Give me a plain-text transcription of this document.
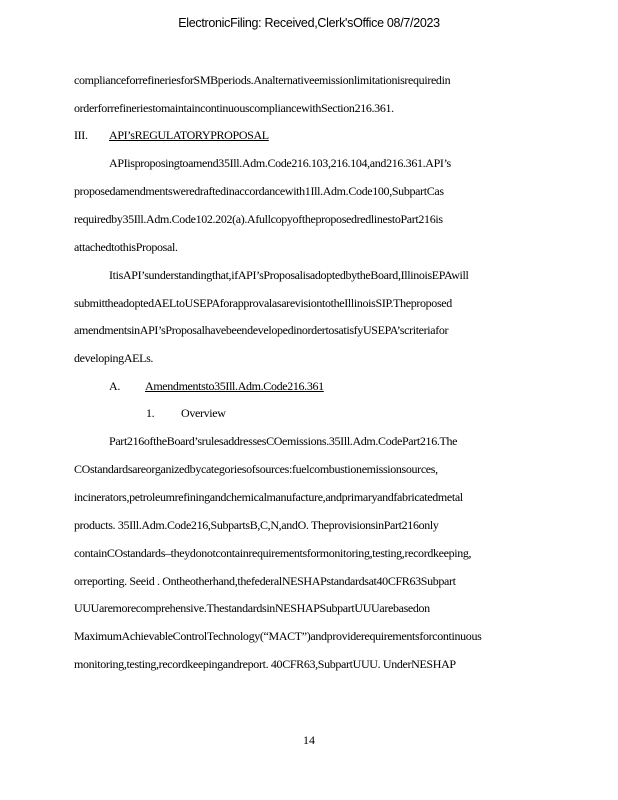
ElectronicFiling: Received,Clerk'sOffice 08/7/2023
complianceforrefineriesforSMBperiods.Analternativeemissionlimitationisrequiredin
orderforrefineriestomaintaincontinuouscompliancewithSection216.361.
III. API’sREGULATORYPROPOSAL
APIisproposingtoamend35Ill.Adm.Code216.103,216.104,and216.361.API’s
proposedamendmentsweredraftedinaccordancewith1Ill.Adm.Code100,SubpartCas
requiredby35Ill.Adm.Code102.202(a).AfullcopyoftheproposedredlinestoPart216is
attachedtothisProposal.
ItisAPI’sunderstandingthat,ifAPI’sProposalisadoptedbytheBoard,IllinoisEPAwill
submittheadoptedAELtoUSEPAforapprovalasarevisiontotheIllinoisSIP.Theproposed
amendmentsinAPI’sProposalhavebeendevelopedinordertosatisfyUSEPA’scriteriafor
developingAELs.
A. Amendmentsto35Ill.Adm.Code216.361
1. Overview
Part216oftheBoard’srulesaddressesCOemissions.35Ill.Adm.CodePart216.The
COstandardsareorganizedbycategoriesofsources:fuelcombustionemissionsources,
incinerators,petroleumrefiningandchemicalmanufacture,andprimaryandfabricatedmetal
products. 35Ill.Adm.Code216,SubpartsB,C,N,andO. TheprovisionsinPart216only
containCOstandards–theydonotcontainrequirementsformonitoring,testing,recordkeeping,
orreporting. Seeid . Ontheotherhand,thefederalNESHAPstandardsat40CFR63Subpart
UUUaremorecomprehensive.ThestandardsinNESHAPSubpartUUUarebasedon
MaximumAchievableControlTechnology(“MACT”)andproviderequirementsforcontinuous
monitoring,testing,recordkeepingandreport. 40CFR63,SubpartUUU. UnderNESHAP
14
